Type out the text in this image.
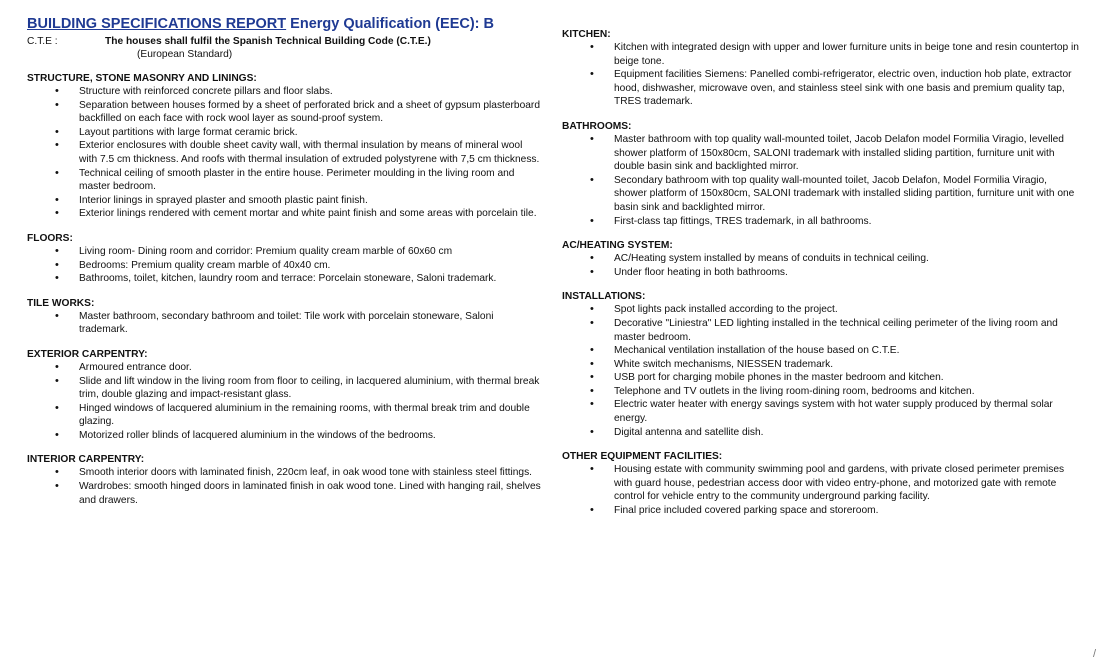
BUILDING SPECIFICATIONS REPORT Energy Qualification (EEC): B
C.T.E :	The houses shall fulfil the Spanish Technical Building Code (C.T.E.)
(European Standard)
STRUCTURE, STONE MASONRY AND LININGS:
• Structure with reinforced concrete pillars and floor slabs.
• Separation between houses formed by a sheet of perforated brick and a sheet of gypsum plasterboard backfilled on each face with rock wool layer as sound-proof system.
• Layout partitions with large format ceramic brick.
• Exterior enclosures with double sheet cavity wall, with thermal insulation by means of mineral wool with 7.5 cm thickness. And roofs with thermal insulation of extruded polystyrene with 7,5 cm thickness.
• Technical ceiling of smooth plaster in the entire house. Perimeter moulding in the living room and master bedroom.
• Interior linings in sprayed plaster and smooth plastic paint finish.
• Exterior linings rendered with cement mortar and white paint finish and some areas with porcelain tile.
FLOORS:
• Living room- Dining room and corridor: Premium quality cream marble of 60x60 cm
• Bedrooms: Premium quality cream marble of 40x40 cm.
• Bathrooms, toilet, kitchen, laundry room and terrace: Porcelain stoneware, Saloni trademark.
TILE WORKS:
• Master bathroom, secondary bathroom and toilet: Tile work with porcelain stoneware, Saloni trademark.
EXTERIOR CARPENTRY:
• Armoured entrance door.
• Slide and lift window in the living room from floor to ceiling, in lacquered aluminium, with thermal break trim, double glazing and impact-resistant glass.
• Hinged windows of lacquered aluminium in the remaining rooms, with thermal break trim and double glazing.
• Motorized roller blinds of lacquered aluminium in the windows of the bedrooms.
INTERIOR CARPENTRY:
• Smooth interior doors with laminated finish, 220cm leaf, in oak wood tone with stainless steel fittings.
• Wardrobes: smooth hinged doors in laminated finish in oak wood tone. Lined with hanging rail, shelves and drawers.
KITCHEN:
• Kitchen with integrated design with upper and lower furniture units in beige tone and resin countertop in beige tone.
• Equipment facilities Siemens: Panelled combi-refrigerator, electric oven, induction hob plate, extractor hood, dishwasher, microwave oven, and stainless steel sink with one basis and premium quality tap, TRES trademark.
BATHROOMS:
• Master bathroom with top quality wall-mounted toilet, Jacob Delafon model Formilia Viragio, levelled shower platform of 150x80cm, SALONI trademark with installed sliding partition, furniture unit with double basin sink and backlighted mirror.
• Secondary bathroom with top quality wall-mounted toilet, Jacob Delafon, Model Formilia Viragio, shower platform of 150x80cm, SALONI trademark with installed sliding partition, furniture unit with one basin sink and backlighted mirror.
• First-class tap fittings, TRES trademark, in all bathrooms.
AC/HEATING SYSTEM:
• AC/Heating system installed by means of conduits in technical ceiling.
• Under floor heating in both bathrooms.
INSTALLATIONS:
• Spot lights pack installed according to the project.
• Decorative "Liniestra" LED lighting installed in the technical ceiling perimeter of the living room and master bedroom.
• Mechanical ventilation installation of the house based on C.T.E.
• White switch mechanisms, NIESSEN trademark.
• USB port for charging mobile phones in the master bedroom and kitchen.
• Telephone and TV outlets in the living room-dining room, bedrooms and kitchen.
• Electric water heater with energy savings system with hot water supply produced by thermal solar energy.
• Digital antenna and satellite dish.
OTHER EQUIPMENT FACILITIES:
• Housing estate with community swimming pool and gardens, with private closed perimeter premises with guard house, pedestrian access door with video entry-phone, and motorized gate with remote control for vehicle entry to the community underground parking facility.
• Final price included covered parking space and storeroom.
/
